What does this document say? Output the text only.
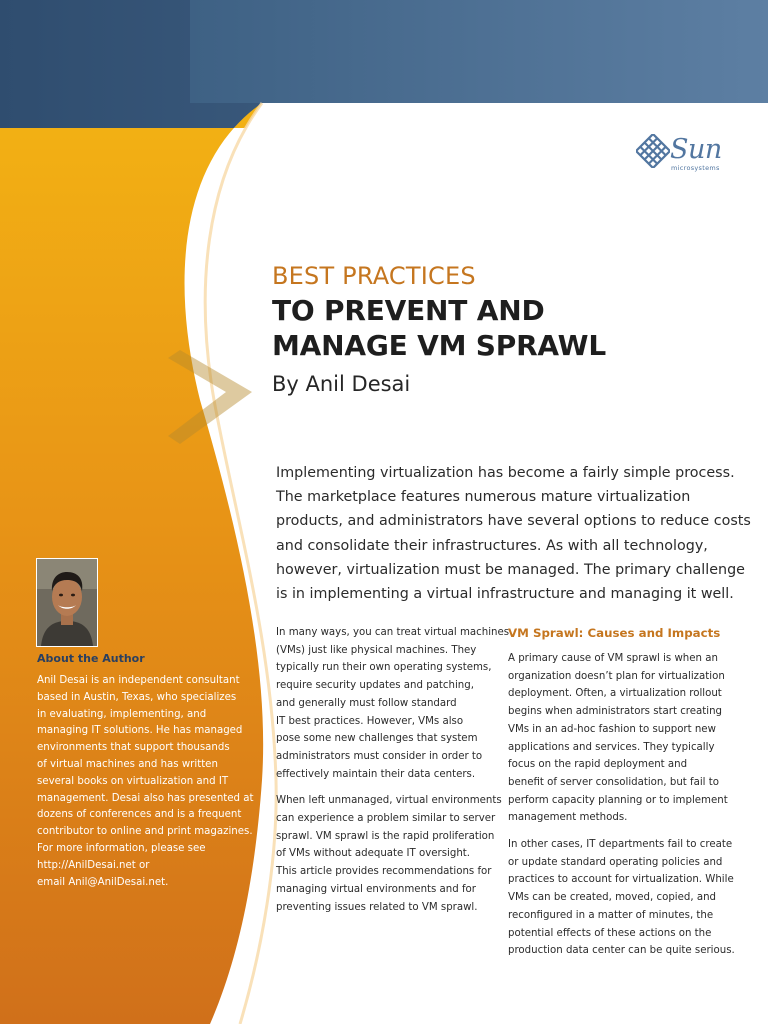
Sun
microsystems
BEST PRACTICES
TO PREVENT AND
MANAGE VM SPRAWL
By Anil Desai
Implementing virtualization has become a fairly simple process.
The marketplace features numerous mature virtualization
products, and administrators have several options to reduce costs
and consolidate their infrastructures. As with all technology,
however, virtualization must be managed. The primary challenge
is in implementing a virtual infrastructure and managing it well.

In many ways, you can treat virtual machines
(VMs) just like physical machines. They
typically run their own operating systems,
require security updates and patching,
and generally must follow standard
IT best practices. However, VMs also
pose some new challenges that system
administrators must consider in order to
effectively maintain their data centers.

When left unmanaged, virtual environments
can experience a problem similar to server
sprawl. VM sprawl is the rapid proliferation
of VMs without adequate IT oversight.
This article provides recommendations for
managing virtual environments and for
preventing issues related to VM sprawl.

VM Sprawl: Causes and Impacts

A primary cause of VM sprawl is when an
organization doesn’t plan for virtualization
deployment. Often, a virtualization rollout
begins when administrators start creating
VMs in an ad-hoc fashion to support new
applications and services. They typically
focus on the rapid deployment and
benefit of server consolidation, but fail to
perform capacity planning or to implement
management methods.

In other cases, IT departments fail to create
or update standard operating policies and
practices to account for virtualization. While
VMs can be created, moved, copied, and
reconfigured in a matter of minutes, the
potential effects of these actions on the
production data center can be quite serious.

About the Author
Anil Desai is an independent consultant
based in Austin, Texas, who specializes
in evaluating, implementing, and
managing IT solutions. He has managed
environments that support thousands
of virtual machines and has written
several books on virtualization and IT
management. Desai also has presented at
dozens of conferences and is a frequent
contributor to online and print magazines.
For more information, please see
http://AnilDesai.net or
email Anil@AnilDesai.net.
